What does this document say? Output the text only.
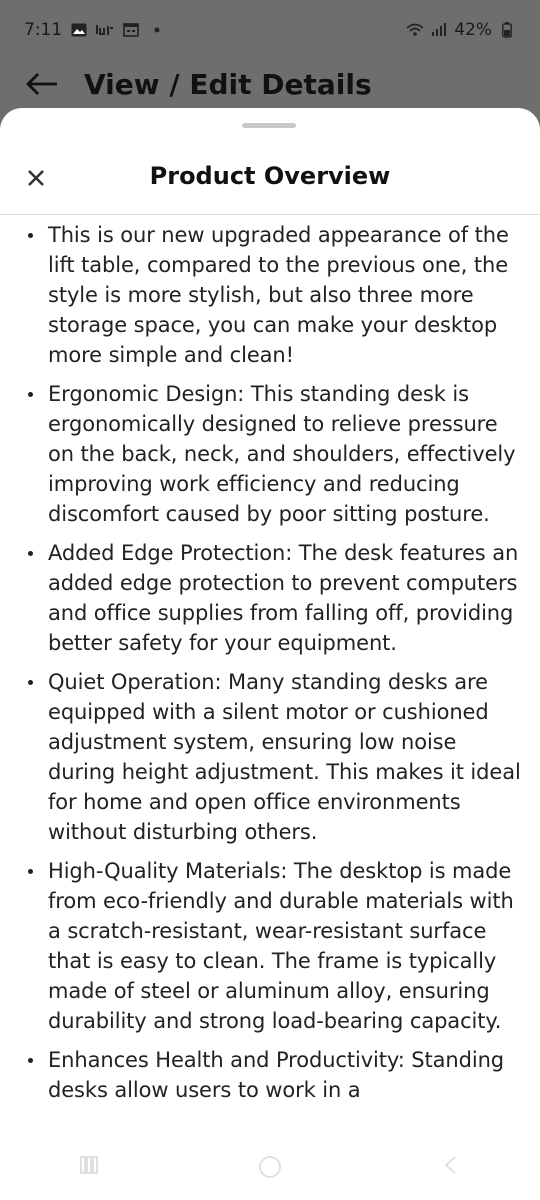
7:11	42%
View / Edit Details
Product Overview
This is our new upgraded appearance of the lift table, compared to the previous one, the style is more stylish, but also three more storage space, you can make your desktop more simple and clean!
Ergonomic Design: This standing desk is ergonomically designed to relieve pressure on the back, neck, and shoulders, effectively improving work efficiency and reducing discomfort caused by poor sitting posture.
Added Edge Protection: The desk features an added edge protection to prevent computers and office supplies from falling off, providing better safety for your equipment.
Quiet Operation: Many standing desks are equipped with a silent motor or cushioned adjustment system, ensuring low noise during height adjustment. This makes it ideal for home and open office environments without disturbing others.
High-Quality Materials: The desktop is made from eco-friendly and durable materials with a scratch-resistant, wear-resistant surface that is easy to clean. The frame is typically made of steel or aluminum alloy, ensuring durability and strong load-bearing capacity.
Enhances Health and Productivity: Standing desks allow users to work in a
